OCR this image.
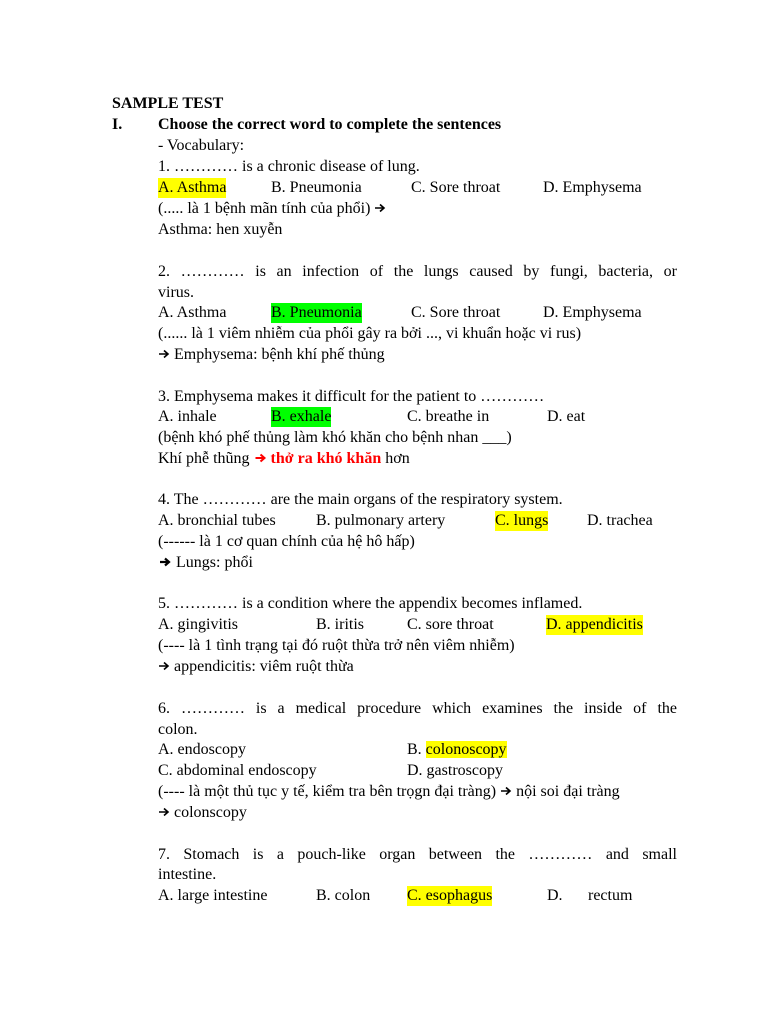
SAMPLE TEST
I. Choose the correct word to complete the sentences
- Vocabulary:
1. ………… is a chronic disease of lung.
A. Asthma	B. Pneumonia	C. Sore throat	D. Emphysema
(..... là 1 bệnh mãn tính của phổi)
Asthma: hen xuyễn
2. ………… is an infection of the lungs caused by fungi, bacteria, or
virus.
A. Asthma	B. Pneumonia	C. Sore throat	D. Emphysema
(...... là 1 viêm nhiễm của phổi gây ra bởi ..., vi khuẩn hoặc vi rus)
Emphysema: bệnh khí phế thủng
3. Emphysema makes it difficult for the patient to …………
A. inhale	B. exhale	C. breathe in	D. eat
(bệnh khó phế thủng làm khó khăn cho bệnh nhan ___)
Khí phễ thũng  thở ra khó khăn hơn
4. The ………… are the main organs of the respiratory system.
A. bronchial tubes	B. pulmonary artery	C. lungs D. trachea
(------ là 1 cơ quan chính của hệ hô hấp)
Lungs: phổi
5. ………… is a condition where the appendix becomes inflamed.
A. gingivitis	B. iritis	C. sore throat	D. appendicitis
(---- là 1 tình trạng tại đó ruột thừa trở nên viêm nhiễm)
appendicitis: viêm ruột thừa
6. ………… is a medical procedure which examines the inside of the
colon.
A. endoscopy	B. colonoscopy
C. abdominal endoscopy	D. gastroscopy
(---- là một thủ tục y tế, kiểm tra bên trọgn đại tràng) nội soi đại tràng
colonscopy
7. Stomach is a pouch-like organ between the ………… and small
intestine.
A. large intestine	B. colon C. esophagus	D. rectum
